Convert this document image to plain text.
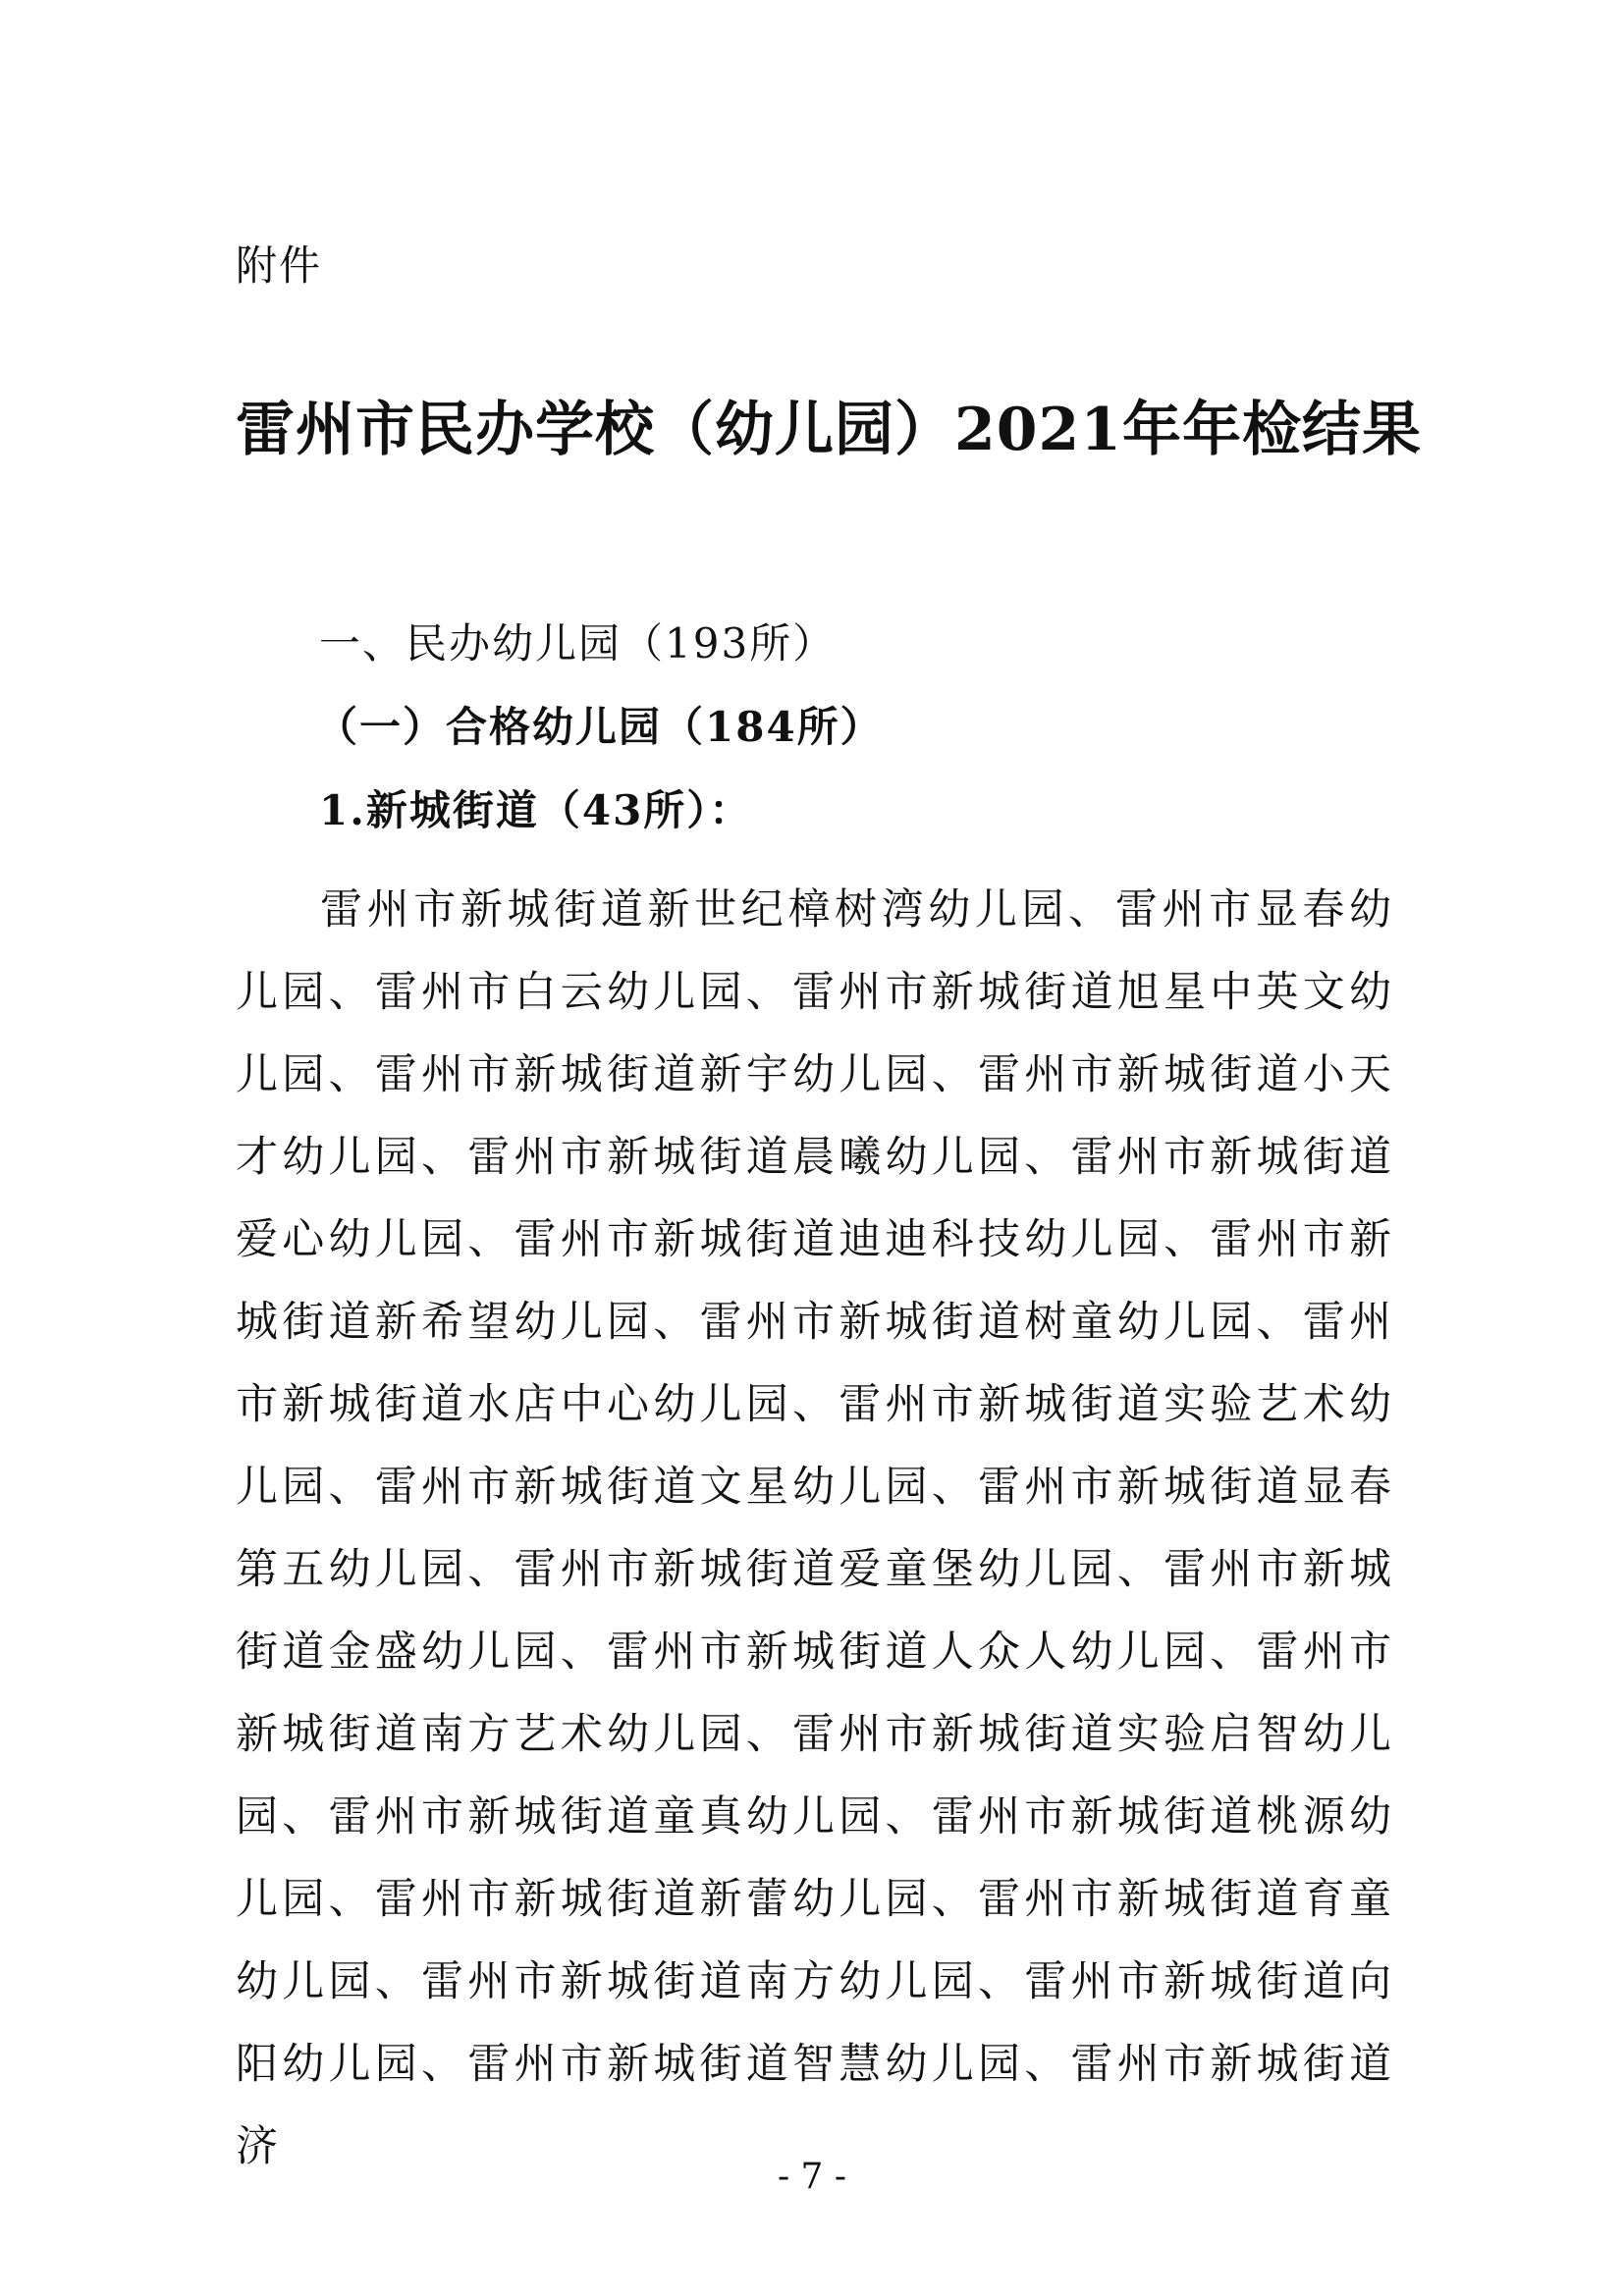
附件
雷州市民办学校（幼儿园）2021年年检结果
一、民办幼儿园（193所）
（一）合格幼儿园（184所）
1.新城街道（43所）：

雷州市新城街道新世纪樟树湾幼儿园、雷州市显春幼儿园、雷州市白云幼儿园、雷州市新城街道旭星中英文幼儿园、雷州市新城街道新宇幼儿园、雷州市新城街道小天才幼儿园、雷州市新城街道晨曦幼儿园、雷州市新城街道爱心幼儿园、雷州市新城街道迪迪科技幼儿园、雷州市新城街道新希望幼儿园、雷州市新城街道树童幼儿园、雷州市新城街道水店中心幼儿园、雷州市新城街道实验艺术幼儿园、雷州市新城街道文星幼儿园、雷州市新城街道显春第五幼儿园、雷州市新城街道爱童堡幼儿园、雷州市新城街道金盛幼儿园、雷州市新城街道人众人幼儿园、雷州市新城街道南方艺术幼儿园、雷州市新城街道实验启智幼儿园、雷州市新城街道童真幼儿园、雷州市新城街道桃源幼儿园、雷州市新城街道新蕾幼儿园、雷州市新城街道育童幼儿园、雷州市新城街道南方幼儿园、雷州市新城街道向阳幼儿园、雷州市新城街道智慧幼儿园、雷州市新城街道济

- 7 -
